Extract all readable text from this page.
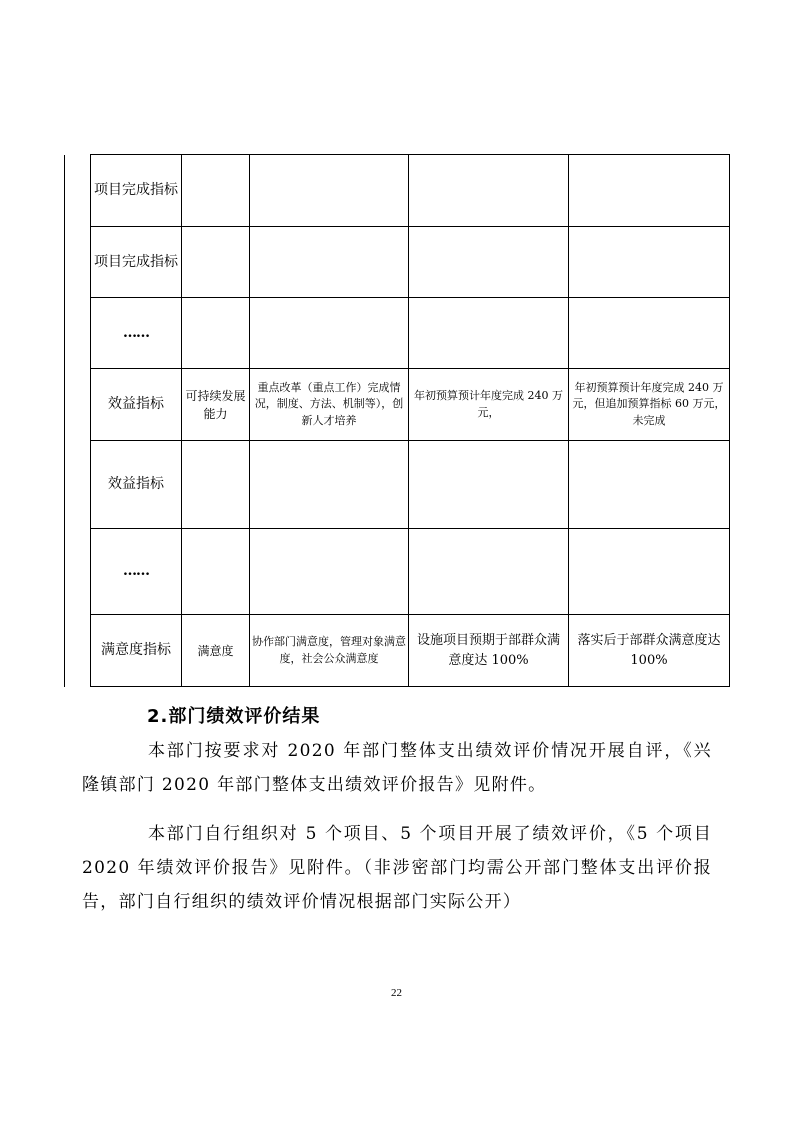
	项目完成指标				
	项目完成指标				
	……				
	效益指标	可持续发展能力	重点改革（重点工作）完成情况，制度、方法、机制等），创新人才培养	年初预算预计年度完成 240 万元，	年初预算预计年度完成 240 万元，但追加预算指标 60 万元，未完成
	效益指标				
	……				
	满意度指标	满意度	协作部门满意度，管理对象满意度，社会公众满意度	设施项目预期于部群众满意度达 100%	落实后于部群众满意度达 100%
2.部门绩效评价结果

本部门按要求对 2020 年部门整体支出绩效评价情况开展自评，《兴隆镇部门 2020 年部门整体支出绩效评价报告》见附件。

本部门自行组织对 5 个项目、5 个项目开展了绩效评价，《5 个项目 2020 年绩效评价报告》见附件。（非涉密部门均需公开部门整体支出评价报告，部门自行组织的绩效评价情况根据部门实际公开）

22
